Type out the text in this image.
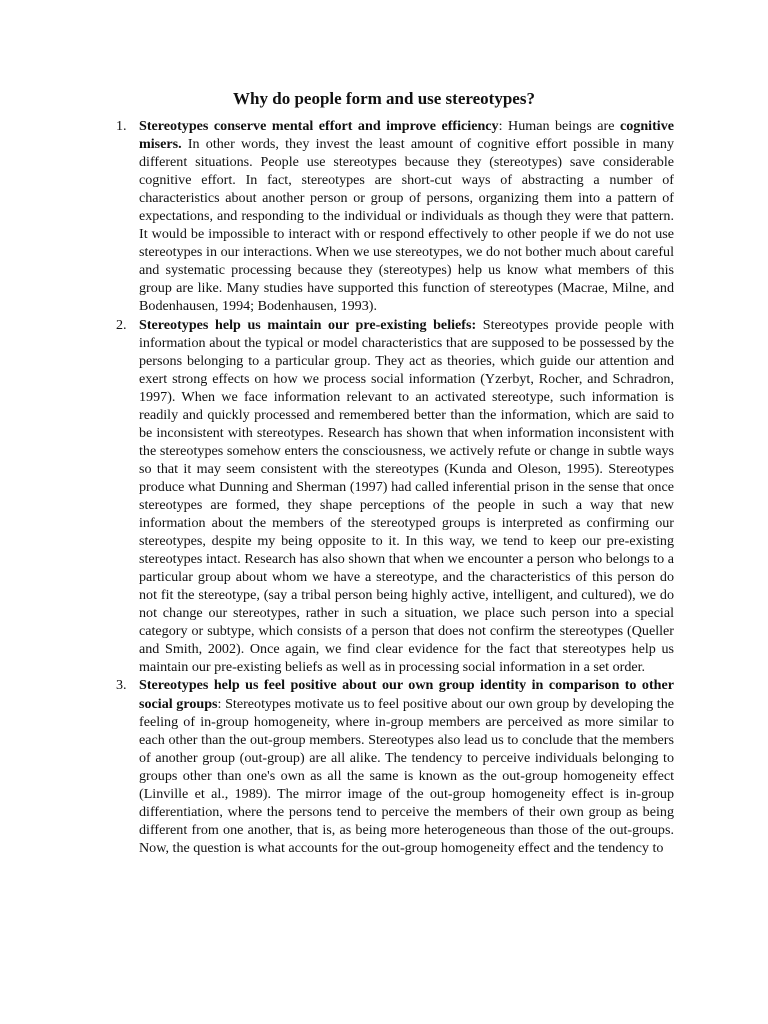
Why do people form and use stereotypes?
1. Stereotypes conserve mental effort and improve efficiency: Human beings are cognitive misers. In other words, they invest the least amount of cognitive effort possible in many different situations. People use stereotypes because they (stereotypes) save considerable cognitive effort. In fact, stereotypes are short-cut ways of abstracting a number of characteristics about another person or group of persons, organizing them into a pattern of expectations, and responding to the individual or individuals as though they were that pattern. It would be impossible to interact with or respond effectively to other people if we do not use stereotypes in our interactions. When we use stereotypes, we do not bother much about careful and systematic processing because they (stereotypes) help us know what members of this group are like. Many studies have supported this function of stereotypes (Macrae, Milne, and Bodenhausen, 1994; Bodenhausen, 1993).
2. Stereotypes help us maintain our pre-existing beliefs: Stereotypes provide people with information about the typical or model characteristics that are supposed to be possessed by the persons belonging to a particular group. They act as theories, which guide our attention and exert strong effects on how we process social information (Yzerbyt, Rocher, and Schradron, 1997). When we face information relevant to an activated stereotype, such information is readily and quickly processed and remembered better than the information, which are said to be inconsistent with stereotypes. Research has shown that when information inconsistent with the stereotypes somehow enters the consciousness, we actively refute or change in subtle ways so that it may seem consistent with the stereotypes (Kunda and Oleson, 1995). Stereotypes produce what Dunning and Sherman (1997) had called inferential prison in the sense that once stereotypes are formed, they shape perceptions of the people in such a way that new information about the members of the stereotyped groups is interpreted as confirming our stereotypes, despite my being opposite to it. In this way, we tend to keep our pre-existing stereotypes intact. Research has also shown that when we encounter a person who belongs to a particular group about whom we have a stereotype, and the characteristics of this person do not fit the stereotype, (say a tribal person being highly active, intelligent, and cultured), we do not change our stereotypes, rather in such a situation, we place such person into a special category or subtype, which consists of a person that does not confirm the stereotypes (Queller and Smith, 2002). Once again, we find clear evidence for the fact that stereotypes help us maintain our pre-existing beliefs as well as in processing social information in a set order.
3. Stereotypes help us feel positive about our own group identity in comparison to other social groups: Stereotypes motivate us to feel positive about our own group by developing the feeling of in-group homogeneity, where in-group members are perceived as more similar to each other than the out-group members. Stereotypes also lead us to conclude that the members of another group (out-group) are all alike. The tendency to perceive individuals belonging to groups other than one's own as all the same is known as the out-group homogeneity effect (Linville et al., 1989). The mirror image of the out-group homogeneity effect is in-group differentiation, where the persons tend to perceive the members of their own group as being different from one another, that is, as being more heterogeneous than those of the out-groups. Now, the question is what accounts for the out-group homogeneity effect and the tendency to
